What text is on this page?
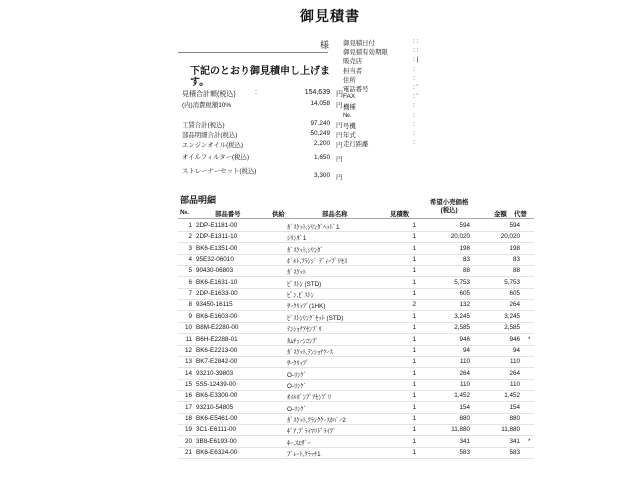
御見積書
様
下記のとおり御見積申し上げます。
見積合計額(税込)	:	154,639 円
(内)消費税額10%	14,058 円
工賃合計(税込)	97,240 円
部品明細合計(税込)	50,249 円
エンジンオイル(税込)	2,200 円
オイルフィルター(税込)	1,650 円
ストレーナーセット(税込)
3,300 円
御見積日付	: :
御見積有効期限	: :
販売店	: |
担当者	:
住所	:
電話番号	: '
FAX	: '
機種	:
№.	:
号機	:
年式	:
走行距離	:
部品明細
№.	部品番号	供給	部品名称	見積数
希望小売価格
(税込)
金額 代替
1 2DP-E1181-00	ｶﾞｽｹｯﾄ,ｼﾘﾝﾀﾞﾍｯﾄﾞ1	1	594	594
2 2DP-E1311-10	ｼﾘﾝﾀﾞ1	1	20,020	20,020
3 BK6-E1351-00	ｶﾞｽｹｯﾄ,ｼﾘﾝﾀﾞ	1	198	198
4 95E32-06010	ﾎﾞﾙﾄ,ﾌﾗﾝｼﾞ ﾃﾞｨｰﾌﾟﾘｾｽ	1	83	83
5 90430-06803	ｶﾞｽｹｯﾄ	1	88	88
6 BK6-E1631-10	ﾋﾟｽﾄﾝ (STD)	1	5,753	5,753
7 2DP-E1633-00	ﾋﾟﾝ,ﾋﾟｽﾄﾝ	1	605	605
8 93450-16115	ｻｰｸﾘｯﾌﾟ(1HK)	2	132	264
9 BK6-E1603-00	ﾋﾟｽﾄﾝﾘﾝｸﾞｾｯﾄ (STD)	1	3,245	3,245
10 B8M-E2280-00	ﾃﾝｼｮﾅｱｾﾝﾌﾞﾘ	1	2,585	2,585
11 B6H-E2288-01	ｶﾑﾁｪｰﾝｺﾝﾌﾟ	1	946	946 *
12 BK6-E2213-00	ｶﾞｽｹｯﾄ,ﾃﾝｼｮﾅｹｰｽ	1	94	94
13 BK7-E2842-00	ｻｰｸﾘｯﾌﾟ	1	110	110
14 93210-39803	O-ﾘﾝｸﾞ	1	264	264
15 5S5-12439-00	O-ﾘﾝｸﾞ	1	110	110
16 BK6-E3300-00	ｵｲﾙﾎﾟﾝﾌﾟｱｾﾝﾌﾞﾘ	1	1,452	1,452
17 93210-54805	O-ﾘﾝｸﾞ	1	154	154
18 BK6-E5461-00	ｶﾞｽｹｯﾄ,ｸﾗﾝｸｹｰｽｶﾊﾞｰ2	1	880	880
19 3C1-E6111-00	ｷﾞｱ,ﾌﾟﾗｲﾏﾘﾄﾞﾗｲﾌﾞ	1	11,880	11,880
20 3B8-E6193-00	ｷｰ,ｽｴｻﾞｰ	1	341	341 *
21 BK6-E6324-00	ﾌﾟﾚｰﾄ,ｸﾗｯﾁ1	1	583	583
